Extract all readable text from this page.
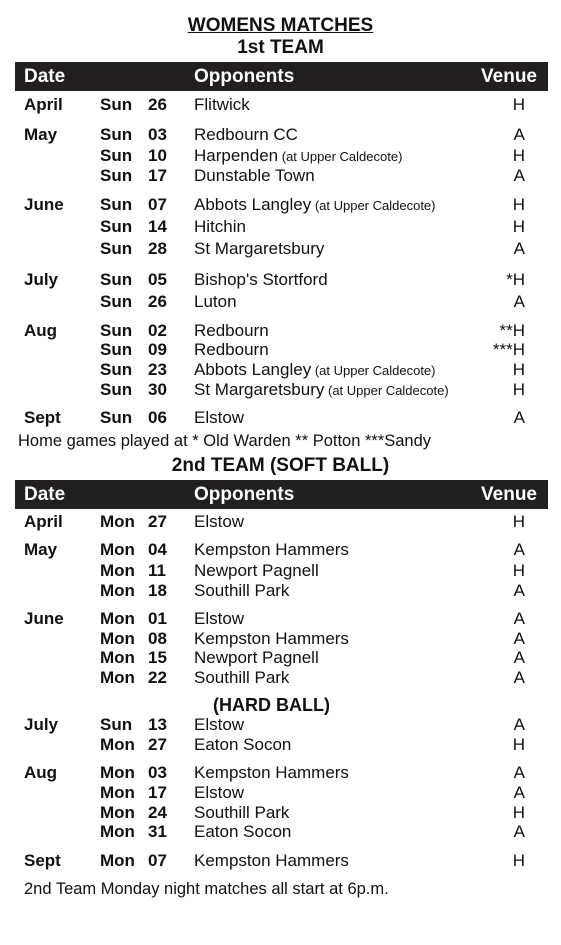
WOMENS MATCHES
1st TEAM
Date	Opponents	Venue
April Sun 26 Flitwick	H
May	Sun 03 Redbourn CC	A
Sun 10 Harpenden (at Upper Caldecote)	H
Sun 17 Dunstable Town	A
June Sun 07 Abbots Langley (at Upper Caldecote)	H
Sun 14 Hitchin	H
Sun 28 St Margaretsbury	A
July Sun 05 Bishop's Stortford	*H
Sun 26 Luton	A
Aug	Sun 02 Redbourn	**H
Sun 09 Redbourn	***H
Sun 23 Abbots Langley (at Upper Caldecote)	H
Sun 30 St Margaretsbury (at Upper Caldecote)	H
Sept Sun 06 Elstow	A
Home games played at * Old Warden ** Potton ***Sandy
2nd TEAM (SOFT BALL)
Date	Opponents	Venue
April Mon 27 Elstow	H
May	Mon 04 Kempston Hammers	A
Mon 11 Newport Pagnell	H
Mon 18 Southill Park	A
June Mon 01 Elstow	A
Mon 08 Kempston Hammers	A
Mon 15 Newport Pagnell	A
Mon 22 Southill Park	A
July Sun 13 Elstow	A
Mon 27 Eaton Socon	H
Aug	Mon 03 Kempston Hammers	A
Mon 17 Elstow	A
Mon 24 Southill Park	H
Mon 31 Eaton Socon	A
Sept Mon 07 Kempston Hammers	H
(HARD BALL)
2nd Team Monday night matches all start at 6p.m.
